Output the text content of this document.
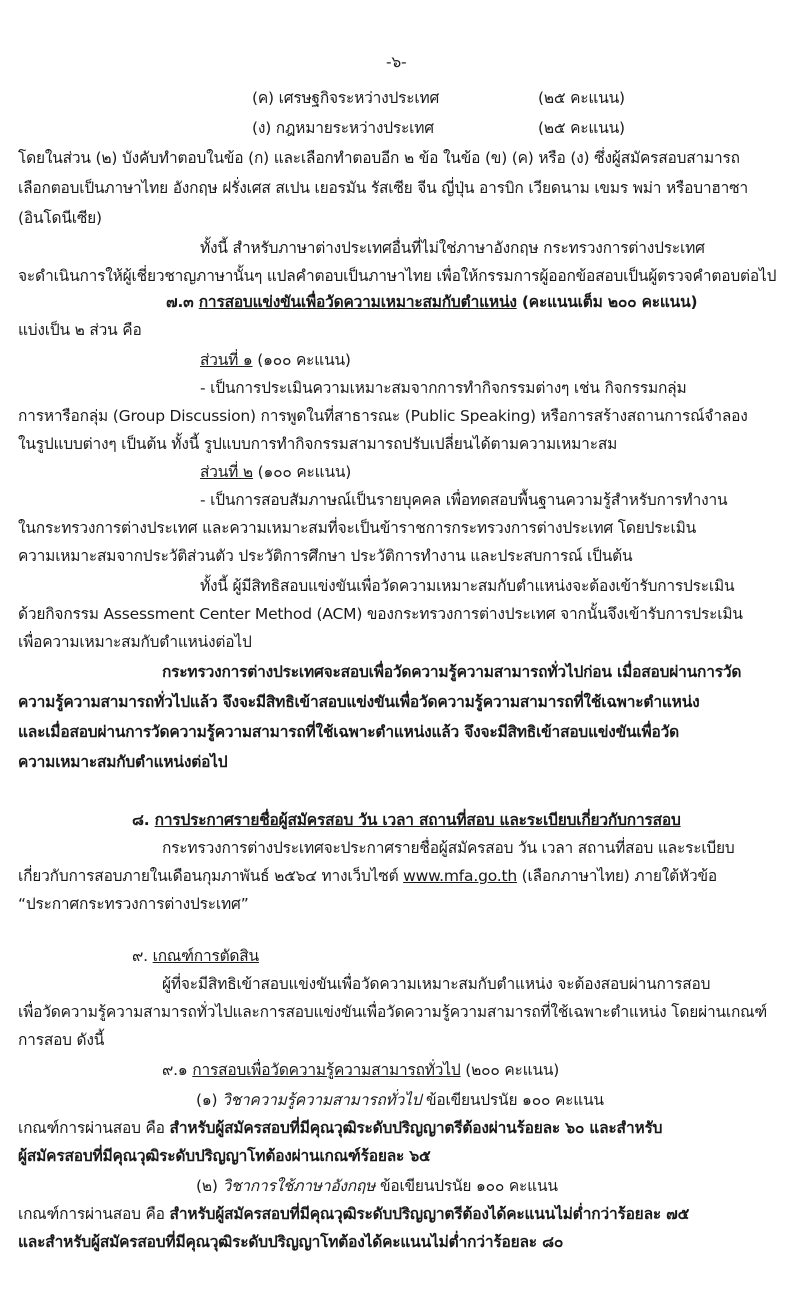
-๖-
(ค) เศรษฐกิจระหว่างประเทศ	(๒๕ คะแนน)
(ง) กฎหมายระหว่างประเทศ	(๒๕ คะแนน)
โดยในส่วน (๒) บังคับทำตอบในข้อ (ก) และเลือกทำตอบอีก ๒ ข้อ ในข้อ (ข) (ค) หรือ (ง) ซึ่งผู้สมัครสอบสามารถ
เลือกตอบเป็นภาษาไทย อังกฤษ ฝรั่งเศส สเปน เยอรมัน รัสเซีย จีน ญี่ปุ่น อารบิก เวียดนาม เขมร พม่า หรือบาฮาซา
(อินโดนีเซีย)
ทั้งนี้ สำหรับภาษาต่างประเทศอื่นที่ไม่ใช่ภาษาอังกฤษ กระทรวงการต่างประเทศ
จะดำเนินการให้ผู้เชี่ยวชาญภาษานั้นๆ แปลคำตอบเป็นภาษาไทย เพื่อให้กรรมการผู้ออกข้อสอบเป็นผู้ตรวจคำตอบต่อไป
๗.๓ การสอบแข่งขันเพื่อวัดความเหมาะสมกับตำแหน่ง (คะแนนเต็ม ๒๐๐ คะแนน)
แบ่งเป็น ๒ ส่วน คือ
ส่วนที่ ๑ (๑๐๐ คะแนน)
- เป็นการประเมินความเหมาะสมจากการทำกิจกรรมต่างๆ เช่น กิจกรรมกลุ่ม
การหารือกลุ่ม (Group Discussion) การพูดในที่สาธารณะ (Public Speaking) หรือการสร้างสถานการณ์จำลอง
ในรูปแบบต่างๆ เป็นต้น ทั้งนี้ รูปแบบการทำกิจกรรมสามารถปรับเปลี่ยนได้ตามความเหมาะสม
ส่วนที่ ๒ (๑๐๐ คะแนน)
- เป็นการสอบสัมภาษณ์เป็นรายบุคคล เพื่อทดสอบพื้นฐานความรู้สำหรับการทำงาน
ในกระทรวงการต่างประเทศ และความเหมาะสมที่จะเป็นข้าราชการกระทรวงการต่างประเทศ โดยประเมิน
ความเหมาะสมจากประวัติส่วนตัว ประวัติการศึกษา ประวัติการทำงาน และประสบการณ์ เป็นต้น
ทั้งนี้ ผู้มีสิทธิสอบแข่งขันเพื่อวัดความเหมาะสมกับตำแหน่งจะต้องเข้ารับการประเมิน
ด้วยกิจกรรม Assessment Center Method (ACM) ของกระทรวงการต่างประเทศ จากนั้นจึงเข้ารับการประเมิน
เพื่อความเหมาะสมกับตำแหน่งต่อไป
กระทรวงการต่างประเทศจะสอบเพื่อวัดความรู้ความสามารถทั่วไปก่อน เมื่อสอบผ่านการวัด
ความรู้ความสามารถทั่วไปแล้ว จึงจะมีสิทธิเข้าสอบแข่งขันเพื่อวัดความรู้ความสามารถที่ใช้เฉพาะตำแหน่ง
และเมื่อสอบผ่านการวัดความรู้ความสามารถที่ใช้เฉพาะตำแหน่งแล้ว จึงจะมีสิทธิเข้าสอบแข่งขันเพื่อวัด
ความเหมาะสมกับตำแหน่งต่อไป
๘. การประกาศรายชื่อผู้สมัครสอบ วัน เวลา สถานที่สอบ และระเบียบเกี่ยวกับการสอบ
กระทรวงการต่างประเทศจะประกาศรายชื่อผู้สมัครสอบ วัน เวลา สถานที่สอบ และระเบียบ
เกี่ยวกับการสอบภายในเดือนกุมภาพันธ์ ๒๕๖๔ ทางเว็บไซต์ www.mfa.go.th (เลือกภาษาไทย) ภายใต้หัวข้อ
“ประกาศกระทรวงการต่างประเทศ”
๙. เกณฑ์การตัดสิน
ผู้ที่จะมีสิทธิเข้าสอบแข่งขันเพื่อวัดความเหมาะสมกับตำแหน่ง จะต้องสอบผ่านการสอบ
เพื่อวัดความรู้ความสามารถทั่วไปและการสอบแข่งขันเพื่อวัดความรู้ความสามารถที่ใช้เฉพาะตำแหน่ง โดยผ่านเกณฑ์
การสอบ ดังนี้
๙.๑ การสอบเพื่อวัดความรู้ความสามารถทั่วไป (๒๐๐ คะแนน)
(๑) วิชาความรู้ความสามารถทั่วไป ข้อเขียนปรนัย ๑๐๐ คะแนน
เกณฑ์การผ่านสอบ คือ สำหรับผู้สมัครสอบที่มีคุณวุฒิระดับปริญญาตรีต้องผ่านร้อยละ ๖๐ และสำหรับ
ผู้สมัครสอบที่มีคุณวุฒิระดับปริญญาโทต้องผ่านเกณฑ์ร้อยละ ๖๕
(๒) วิชาการใช้ภาษาอังกฤษ ข้อเขียนปรนัย ๑๐๐ คะแนน
เกณฑ์การผ่านสอบ คือ สำหรับผู้สมัครสอบที่มีคุณวุฒิระดับปริญญาตรีต้องได้คะแนนไม่ต่ำกว่าร้อยละ ๗๕
และสำหรับผู้สมัครสอบที่มีคุณวุฒิระดับปริญญาโทต้องได้คะแนนไม่ต่ำกว่าร้อยละ ๘๐
